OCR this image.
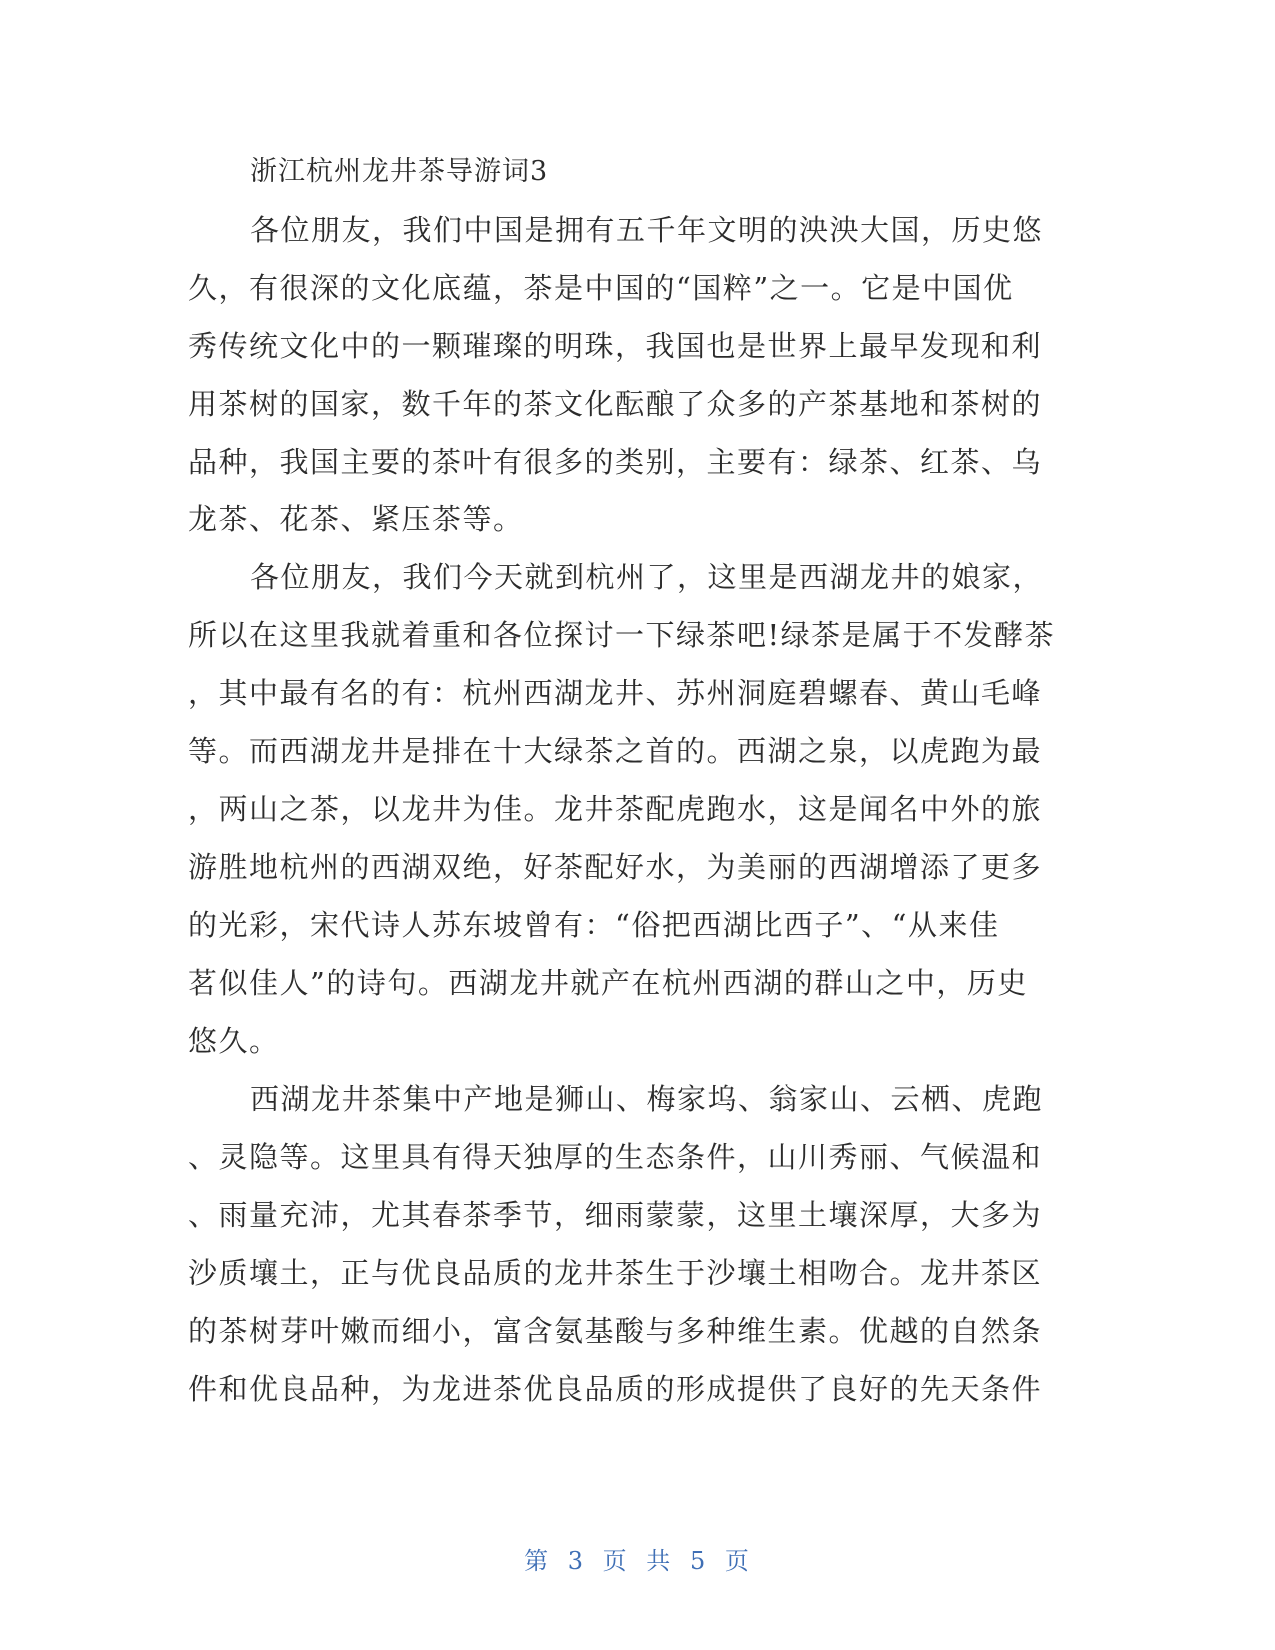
浙江杭州龙井茶导游词3
各位朋友，我们中国是拥有五千年文明的泱泱大国，历史悠
久，有很深的文化底蕴，茶是中国的“国粹”之一。它是中国优
秀传统文化中的一颗璀璨的明珠，我国也是世界上最早发现和利
用茶树的国家，数千年的茶文化酝酿了众多的产茶基地和茶树的
品种，我国主要的茶叶有很多的类别，主要有：绿茶、红茶、乌
龙茶、花茶、紧压茶等。
各位朋友，我们今天就到杭州了，这里是西湖龙井的娘家，
所以在这里我就着重和各位探讨一下绿茶吧!绿茶是属于不发酵茶
，其中最有名的有：杭州西湖龙井、苏州洞庭碧螺春、黄山毛峰
等。而西湖龙井是排在十大绿茶之首的。西湖之泉，以虎跑为最
，两山之茶，以龙井为佳。龙井茶配虎跑水，这是闻名中外的旅
游胜地杭州的西湖双绝，好茶配好水，为美丽的西湖增添了更多
的光彩，宋代诗人苏东坡曾有：“俗把西湖比西子”、“从来佳
茗似佳人”的诗句。西湖龙井就产在杭州西湖的群山之中，历史
悠久。
西湖龙井茶集中产地是狮山、梅家坞、翁家山、云栖、虎跑
、灵隐等。这里具有得天独厚的生态条件，山川秀丽、气候温和
、雨量充沛，尤其春茶季节，细雨蒙蒙，这里土壤深厚，大多为
沙质壤土，正与优良品质的龙井茶生于沙壤土相吻合。龙井茶区
的茶树芽叶嫩而细小，富含氨基酸与多种维生素。优越的自然条
件和优良品种，为龙进茶优良品质的形成提供了良好的先天条件
第 3 页 共 5 页
